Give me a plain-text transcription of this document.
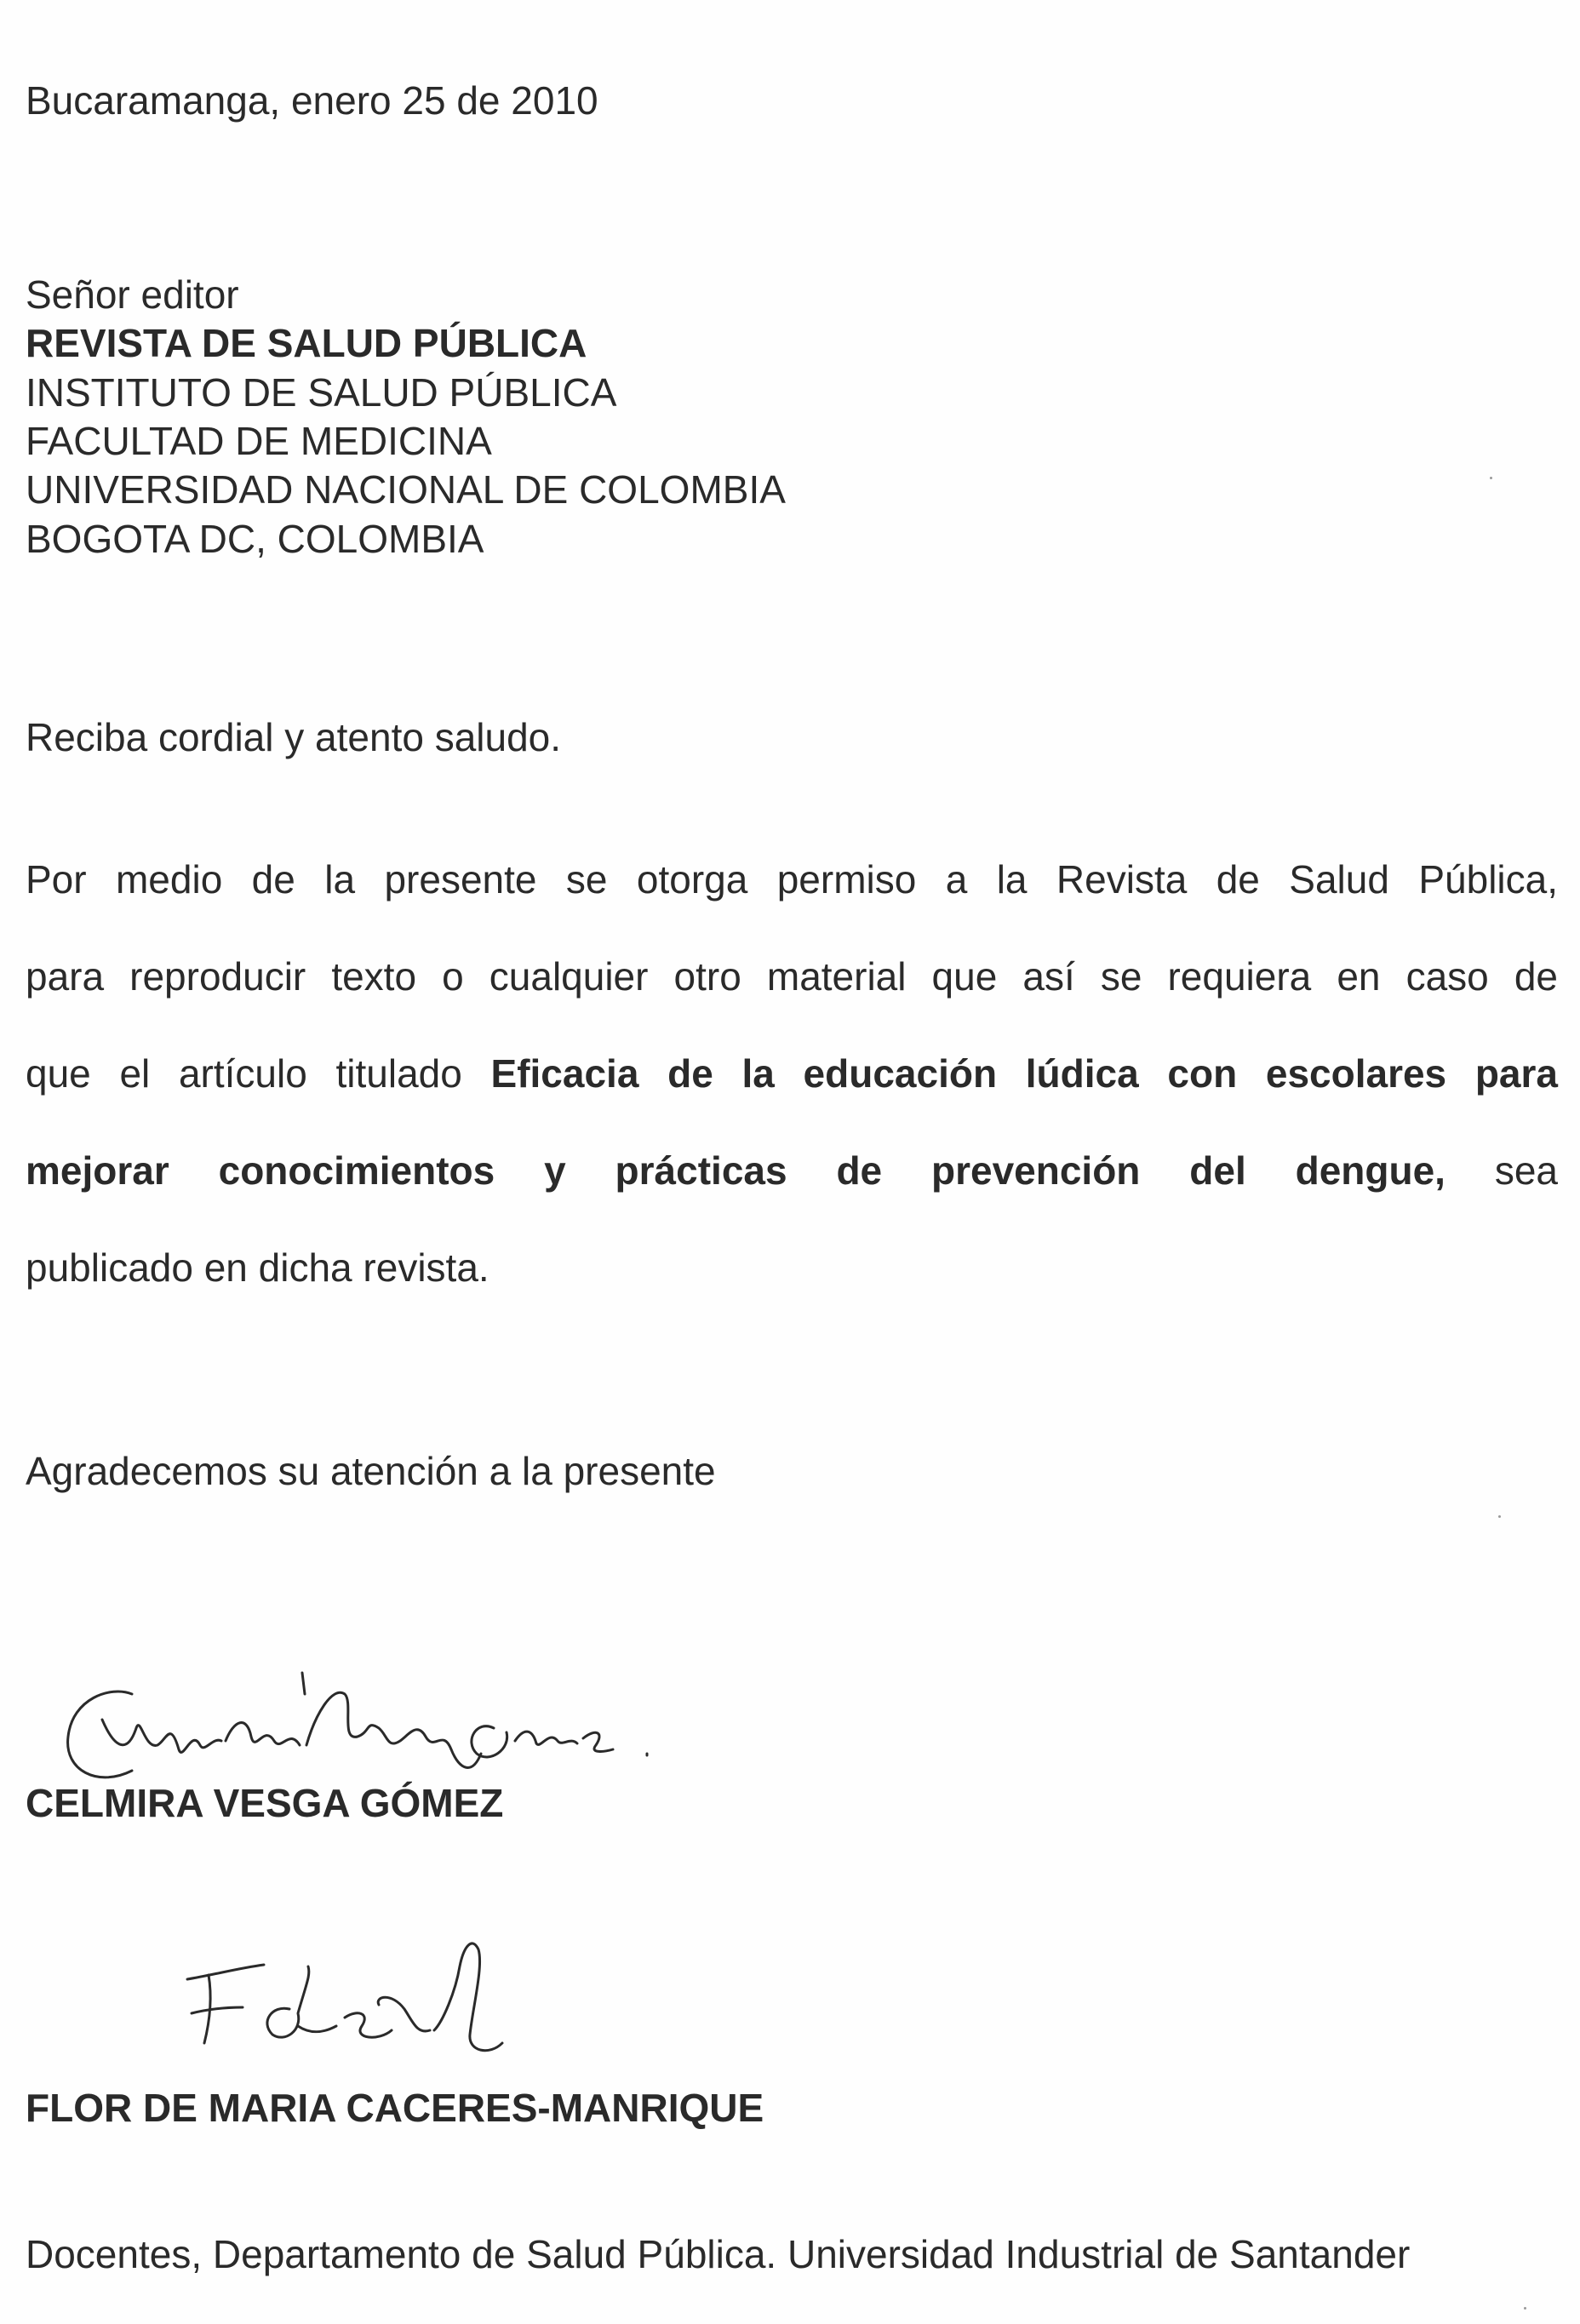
Bucaramanga, enero 25 de 2010
Señor editor
REVISTA DE SALUD PÚBLICA
INSTITUTO DE SALUD PÚBLICA
FACULTAD DE MEDICINA
UNIVERSIDAD NACIONAL DE COLOMBIA
BOGOTA DC, COLOMBIA
Reciba cordial y atento saludo.
Por medio de la presente se otorga permiso a la Revista de Salud Pública,
para reproducir texto o cualquier otro material que así se requiera en caso de
que el artículo titulado Eficacia de la educación lúdica con escolares para
mejorar conocimientos y prácticas de prevención del dengue, sea
publicado en dicha revista.
Agradecemos su atención a la presente
CELMIRA VESGA GÓMEZ
FLOR DE MARIA CACERES-MANRIQUE
Docentes, Departamento de Salud Pública. Universidad Industrial de Santander
